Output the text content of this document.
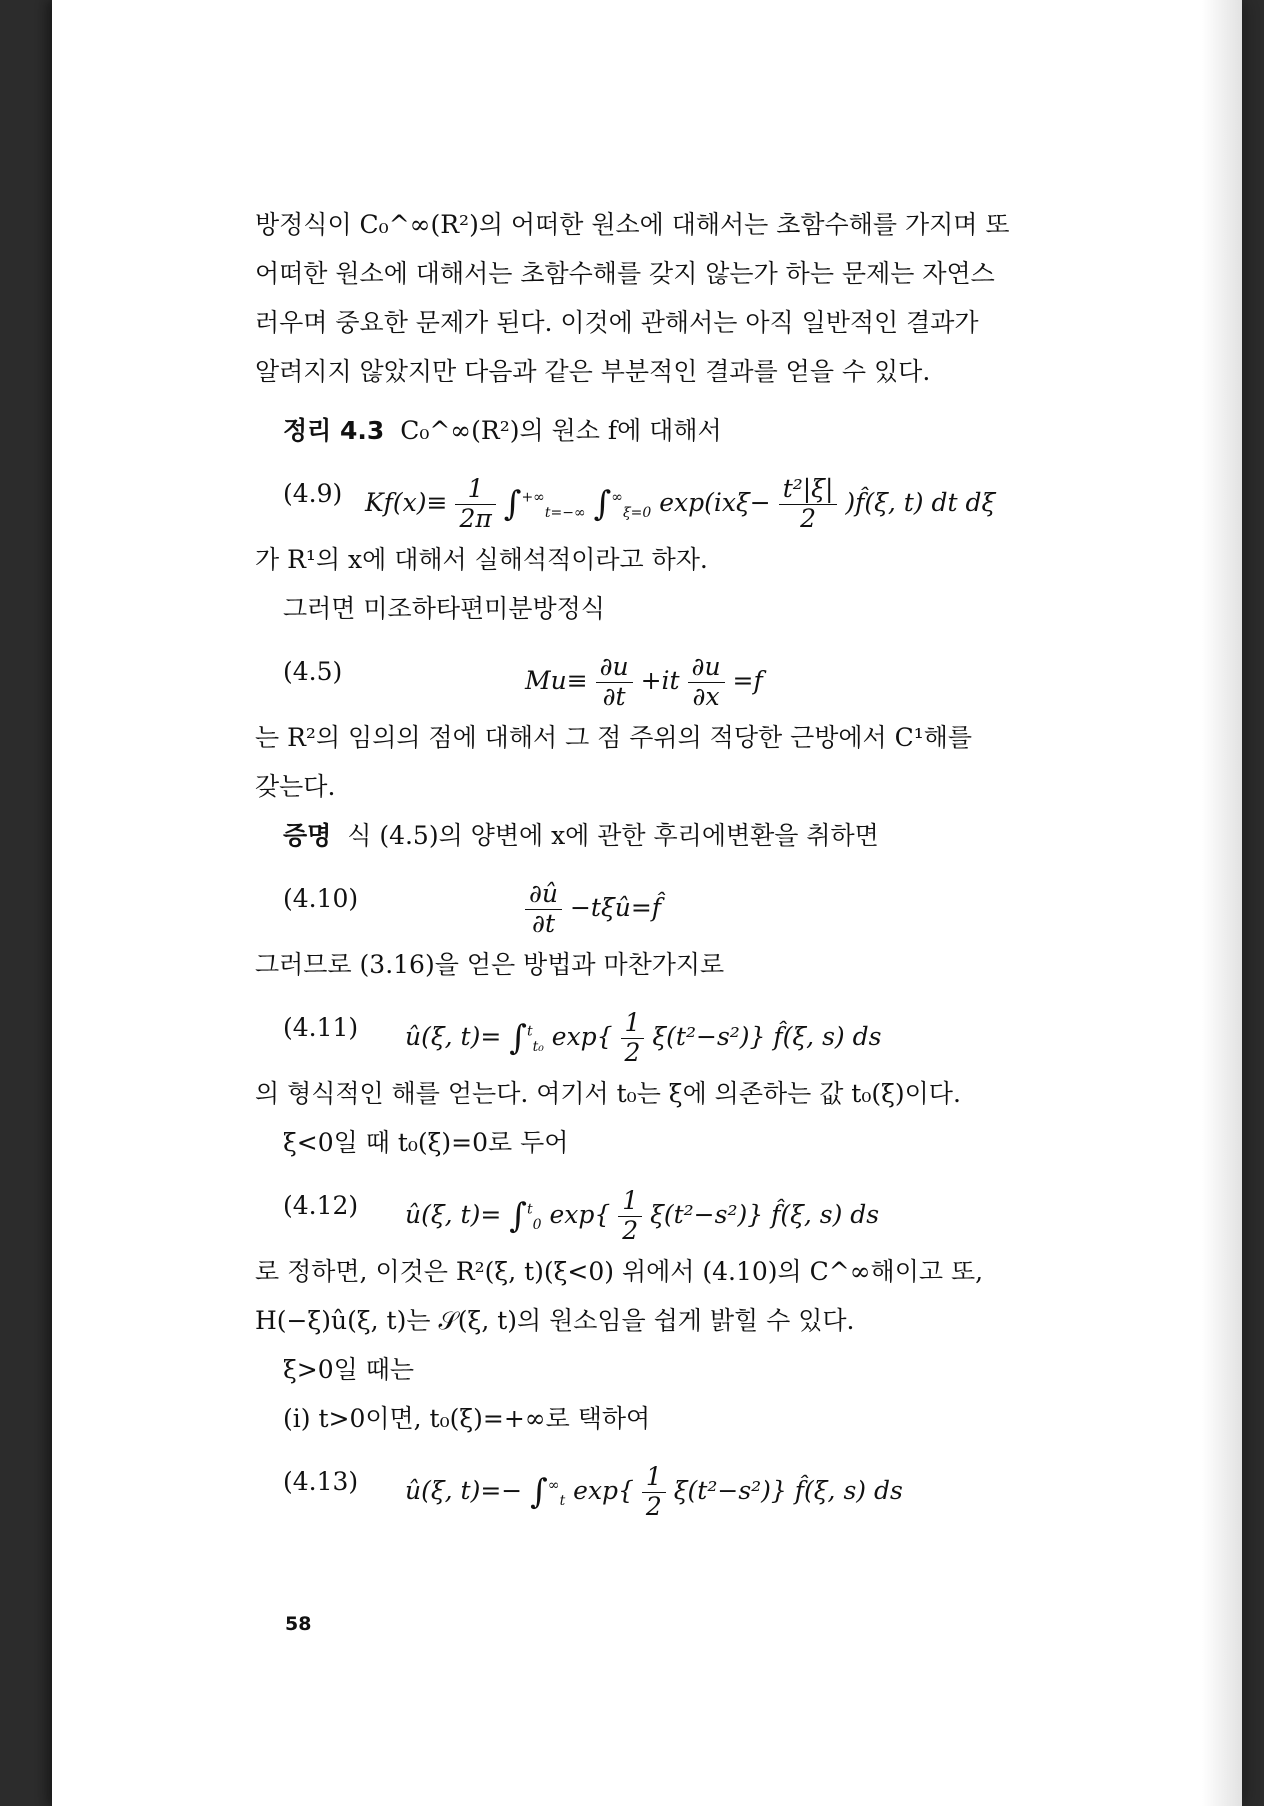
방정식이 C₀^∞(R²)의 어떠한 원소에 대해서는 초함수해를 가지며 또
어떠한 원소에 대해서는 초함수해를 갖지 않는가 하는 문제는 자연스
러우며 중요한 문제가 된다. 이것에 관해서는 아직 일반적인 결과가
알려지지 않았지만 다음과 같은 부분적인 결과를 얻을 수 있다.
정리 4.3 C₀^∞(R²)의 원소 f에 대해서
(4.9) $Kf(x)\equiv \frac{1}{2\pi} \int^{+\infty}_{t=-\infty}$ $\int^\infty_{\xi=0}$ $\exp(ix\xi- \frac{\text{t²|ξ|}}{2}$ )f̂(ξ, t) dt dξ
가 R¹의 x에 대해서 실해석적이라고 하자.
그러면 미조하타편미분방정식
(4.5)	$Mu\equiv \frac{\partial u}{\partial t} +it \frac{\partial u}{\partial x} =f$
는 R²의 임의의 점에 대해서 그 점 주위의 적당한 근방에서 C¹해를
갖는다.
증명 식 (4.5)의 양변에 x에 관한 후리에변환을 취하면
(4.10)	$\frac{\partial û}{\partial t}$ −tξû=f̂
그러므로 (3.16)을 얻은 방법과 마찬가지로
(4.11) û(ξ, t)= ∫$^t_{t_0}$ $\exp\{ \frac{1}{2} \xi(t^2-s^2)\}$ f̂(ξ, s) ds
의 형식적인 해를 얻는다. 여기서 t₀는 ξ에 의존하는 값 t₀(ξ)이다.
ξ<0일 때 t₀(ξ)=0로 두어
(4.12) û(ξ, t)= ∫$^t_0$ $\exp\{ \frac{1}{2} \xi(t^2-s^2)\}$ f̂(ξ, s) ds
로 정하면, 이것은 R²(ξ, t)(ξ<0) 위에서 (4.10)의 C^∞해이고 또,
H(−ξ)û(ξ, t)는 𝒮(ξ, t)의 원소임을 쉽게 밝힐 수 있다.
ξ>0일 때는
(i) t>0이면, t₀(ξ)=+∞로 택하여
(4.13) û(ξ, $t)=- \int^\infty_t$ $\exp\{ \frac{1}{2} \xi(t^2-s^2)\}$ f̂(ξ, s) ds
58
